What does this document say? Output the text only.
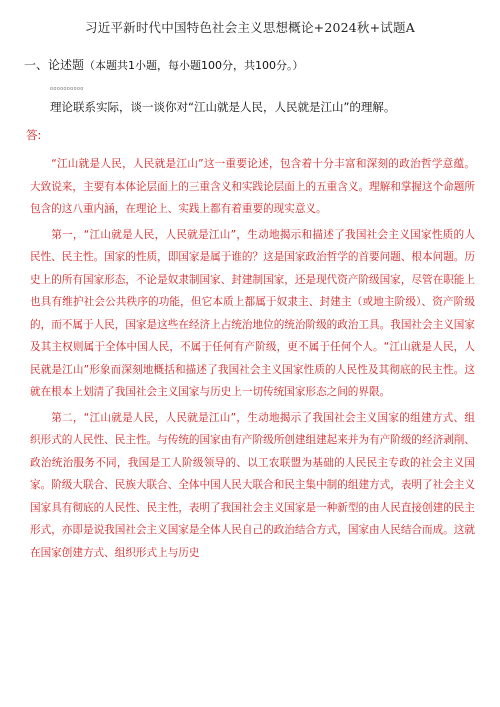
习近平新时代中国特色社会主义思想概论+2024秋+试题A
一、论述题（本题共1小题，每小题100分，共100分。）
oooooooooo
理论联系实际，谈一谈你对“江山就是人民，人民就是江山”的理解。
答:

“江山就是人民，人民就是江山”这一重要论述，包含着十分丰富和深刻的政治哲学意蕴。大致说来，主要有本体论层面上的三重含义和实践论层面上的五重含义。理解和掌握这个命题所包含的这八重内涵，在理论上、实践上都有着重要的现实意义。

第一，“江山就是人民，人民就是江山”，生动地揭示和描述了我国社会主义国家性质的人民性、民主性。国家的性质，即国家是属于谁的？这是国家政治哲学的首要问题、根本问题。历史上的所有国家形态，不论是奴隶制国家、封建制国家，还是现代资产阶级国家，尽管在职能上也具有维护社会公共秩序的功能，但它本质上都属于奴隶主、封建主（或地主阶级）、资产阶级的，而不属于人民，国家是这些在经济上占统治地位的统治阶级的政治工具。我国社会主义国家及其主权则属于全体中国人民，不属于任何有产阶级，更不属于任何个人。“江山就是人民，人民就是江山”形象而深刻地概括和描述了我国社会主义国家性质的人民性及其彻底的民主性。这就在根本上划清了我国社会主义国家与历史上一切传统国家形态之间的界限。

第二，“江山就是人民，人民就是江山”，生动地揭示了我国社会主义国家的组建方式、组织形式的人民性、民主性。与传统的国家由有产阶级所创建组建起来并为有产阶级的经济剥削、政治统治服务不同，我国是工人阶级领导的、以工农联盟为基础的人民民主专政的社会主义国家。阶级大联合、民族大联合、全体中国人民大联合和民主集中制的组建方式，表明了社会主义国家具有彻底的人民性、民主性，表明了我国社会主义国家是一种新型的由人民直接创建的民主形式，亦即是说我国社会主义国家是全体人民自己的政治结合方式，国家由人民结合而成。这就在国家创建方式、组织形式上与历史
